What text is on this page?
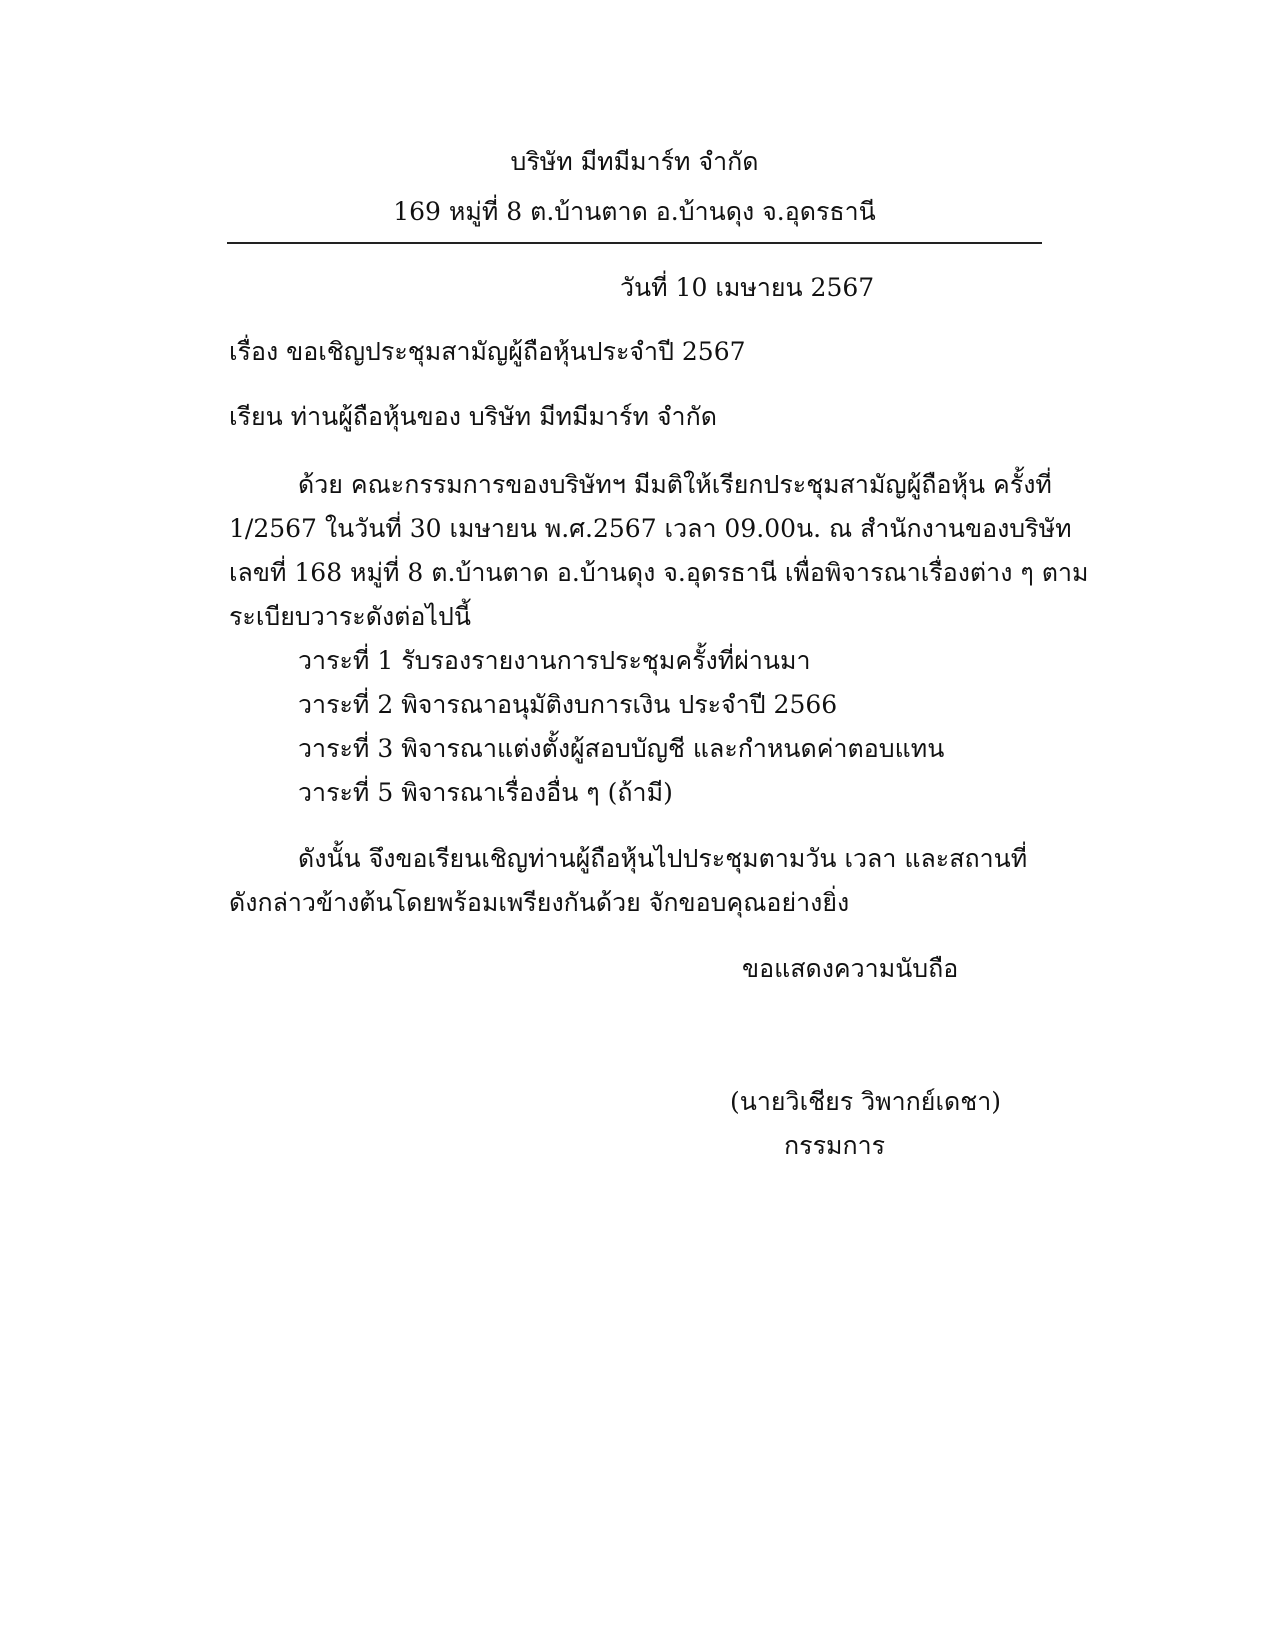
บริษัท มีทมีมาร์ท จำกัด
169 หมู่ที่ 8 ต.บ้านตาด อ.บ้านดุง จ.อุดรธานี
วันที่ 10 เมษายน 2567
เรื่อง ขอเชิญประชุมสามัญผู้ถือหุ้นประจำปี 2567
เรียน ท่านผู้ถือหุ้นของ บริษัท มีทมีมาร์ท จำกัด
ด้วย คณะกรรมการของบริษัทฯ มีมติให้เรียกประชุมสามัญผู้ถือหุ้น ครั้งที่
1/2567 ในวันที่ 30 เมษายน พ.ศ.2567 เวลา 09.00น. ณ สำนักงานของบริษัท
เลขที่ 168 หมู่ที่ 8 ต.บ้านตาด อ.บ้านดุง จ.อุดรธานี เพื่อพิจารณาเรื่องต่าง ๆ ตาม
ระเบียบวาระดังต่อไปนี้
วาระที่ 1 รับรองรายงานการประชุมครั้งที่ผ่านมา
วาระที่ 2 พิจารณาอนุมัติงบการเงิน ประจำปี 2566
วาระที่ 3 พิจารณาแต่งตั้งผู้สอบบัญชี และกำหนดค่าตอบแทน
วาระที่ 5 พิจารณาเรื่องอื่น ๆ (ถ้ามี)
ดังนั้น จึงขอเรียนเชิญท่านผู้ถือหุ้นไปประชุมตามวัน เวลา และสถานที่
ดังกล่าวข้างต้นโดยพร้อมเพรียงกันด้วย จักขอบคุณอย่างยิ่ง
ขอแสดงความนับถือ
(นายวิเชียร วิพากย์เดชา)
กรรมการ
